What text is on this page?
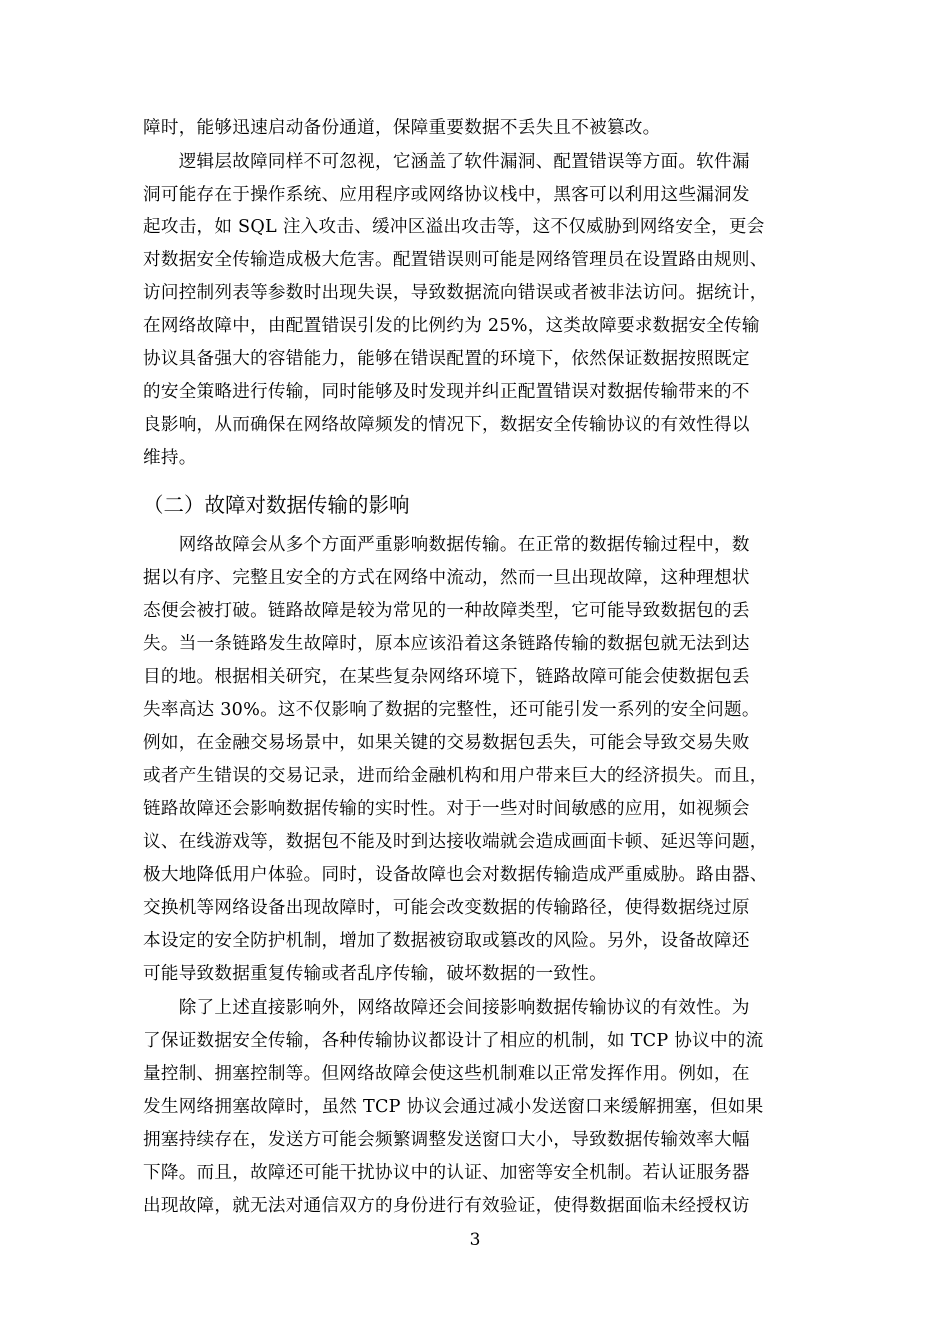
障时，能够迅速启动备份通道，保障重要数据不丢失且不被篡改。
　　逻辑层故障同样不可忽视，它涵盖了软件漏洞、配置错误等方面。软件漏
洞可能存在于操作系统、应用程序或网络协议栈中，黑客可以利用这些漏洞发
起攻击，如 SQL 注入攻击、缓冲区溢出攻击等，这不仅威胁到网络安全，更会
对数据安全传输造成极大危害。配置错误则可能是网络管理员在设置路由规则、
访问控制列表等参数时出现失误，导致数据流向错误或者被非法访问。据统计，
在网络故障中，由配置错误引发的比例约为 25%，这类故障要求数据安全传输
协议具备强大的容错能力，能够在错误配置的环境下，依然保证数据按照既定
的安全策略进行传输，同时能够及时发现并纠正配置错误对数据传输带来的不
良影响，从而确保在网络故障频发的情况下，数据安全传输协议的有效性得以
维持。
（二）故障对数据传输的影响
　　网络故障会从多个方面严重影响数据传输。在正常的数据传输过程中，数
据以有序、完整且安全的方式在网络中流动，然而一旦出现故障，这种理想状
态便会被打破。链路故障是较为常见的一种故障类型，它可能导致数据包的丢
失。当一条链路发生故障时，原本应该沿着这条链路传输的数据包就无法到达
目的地。根据相关研究，在某些复杂网络环境下，链路故障可能会使数据包丢
失率高达 30%。这不仅影响了数据的完整性，还可能引发一系列的安全问题。
例如，在金融交易场景中，如果关键的交易数据包丢失，可能会导致交易失败
或者产生错误的交易记录，进而给金融机构和用户带来巨大的经济损失。而且，
链路故障还会影响数据传输的实时性。对于一些对时间敏感的应用，如视频会
议、在线游戏等，数据包不能及时到达接收端就会造成画面卡顿、延迟等问题，
极大地降低用户体验。同时，设备故障也会对数据传输造成严重威胁。路由器、
交换机等网络设备出现故障时，可能会改变数据的传输路径，使得数据绕过原
本设定的安全防护机制，增加了数据被窃取或篡改的风险。另外，设备故障还
可能导致数据重复传输或者乱序传输，破坏数据的一致性。
　　除了上述直接影响外，网络故障还会间接影响数据传输协议的有效性。为
了保证数据安全传输，各种传输协议都设计了相应的机制，如 TCP 协议中的流
量控制、拥塞控制等。但网络故障会使这些机制难以正常发挥作用。例如，在
发生网络拥塞故障时，虽然 TCP 协议会通过减小发送窗口来缓解拥塞，但如果
拥塞持续存在，发送方可能会频繁调整发送窗口大小，导致数据传输效率大幅
下降。而且，故障还可能干扰协议中的认证、加密等安全机制。若认证服务器
出现故障，就无法对通信双方的身份进行有效验证，使得数据面临未经授权访
3
